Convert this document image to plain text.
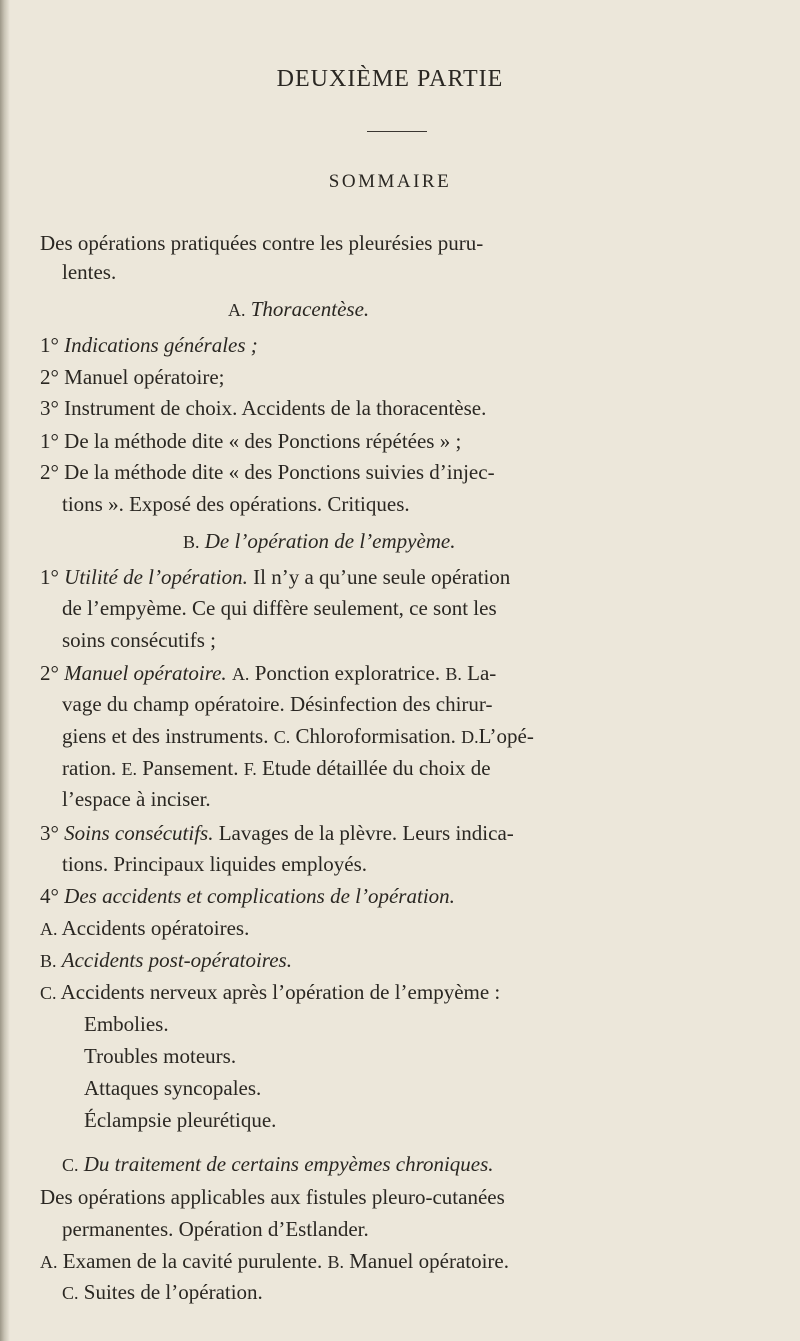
DEUXIÈME PARTIE
SOMMAIRE
Des opérations pratiquées contre les pleurésies puru-
lentes.
A. Thoracentèse.
1° Indications générales ;
2° Manuel opératoire;
3° Instrument de choix. Accidents de la thoracentèse.
1° De la méthode dite « des Ponctions répétées » ;
2° De la méthode dite « des Ponctions suivies d’injec-
tions ». Exposé des opérations. Critiques.
B. De l’opération de l’empyème.
1° Utilité de l’opération. Il n’y a qu’une seule opération
de l’empyème. Ce qui diffère seulement, ce sont les
soins consécutifs ;
2° Manuel opératoire. A. Ponction exploratrice. B. La-
vage du champ opératoire. Désinfection des chirur-
giens et des instruments. C. Chloroformisation. D.L’opé-
ration. E. Pansement. F. Etude détaillée du choix de
l’espace à inciser.
3° Soins consécutifs. Lavages de la plèvre. Leurs indica-
tions. Principaux liquides employés.
4° Des accidents et complications de l’opération.
A. Accidents opératoires.
B. Accidents post-opératoires.
C. Accidents nerveux après l’opération de l’empyème :
Embolies.
Troubles moteurs.
Attaques syncopales.
Éclampsie pleurétique.
C. Du traitement de certains empyèmes chroniques.
Des opérations applicables aux fistules pleuro-cutanées
permanentes. Opération d’Estlander.
A. Examen de la cavité purulente. B. Manuel opératoire.
C. Suites de l’opération.
